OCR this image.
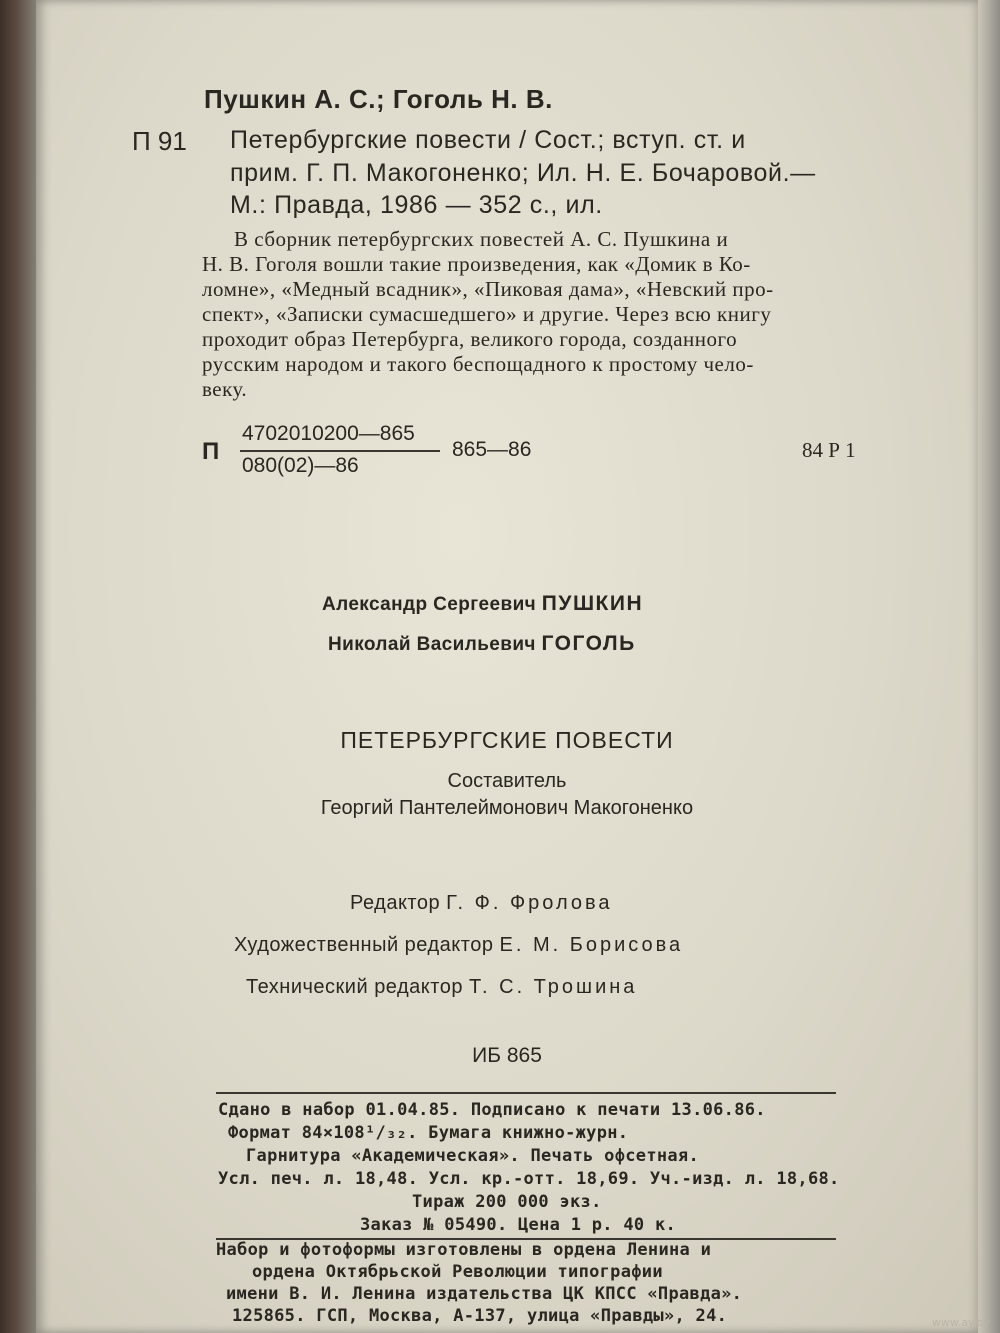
Пушкин А. С.; Гоголь Н. В.
П 91 Петербургские повести / Сост.; вступ. ст. и
прим. Г. П. Макогоненко; Ил. Н. Е. Бочаровой.—
М.: Правда, 1986 — 352 с., ил.
В сборник петербургских повестей А. С. Пушкина и
Н. В. Гоголя вошли такие произведения, как «Домик в Ко-
ломне», «Медный всадник», «Пиковая дама», «Невский про-
спект», «Записки сумасшедшего» и другие. Через всю книгу
проходит образ Петербурга, великого города, созданного
русским народом и такого беспощадного к простому чело-
веку.
П
4702010200—865
080(02)—86
865—86	84 Р 1
Александр Сергеевич ПУШКИН
Николай Васильевич ГОГОЛЬ
ПЕТЕРБУРГСКИЕ ПОВЕСТИ
Составитель
Георгий Пантелеймонович Макогоненко
Редактор Г. Ф. Фролова
Художественный редактор Е. М. Борисова
Технический редактор Т. С. Трошина
ИБ 865
Сдано в набор 01.04.85. Подписано к печати 13.06.86.
Формат 84×108¹/₃₂. Бумага книжно-журн.
Гарнитура «Академическая». Печать офсетная.
Усл. печ. л. 18,48. Усл. кр.-отт. 18,69. Уч.-изд. л. 18,68.
Тираж 200 000 экз.
Заказ № 05490. Цена 1 р. 40 к.
Набор и фотоформы изготовлены в ордена Ленина и
ордена Октябрьской Революции типографии
имени В. И. Ленина издательства ЦК КПСС «Правда».
125865. ГСП, Москва, А-137, улица «Правды», 24.	www.ay.by
